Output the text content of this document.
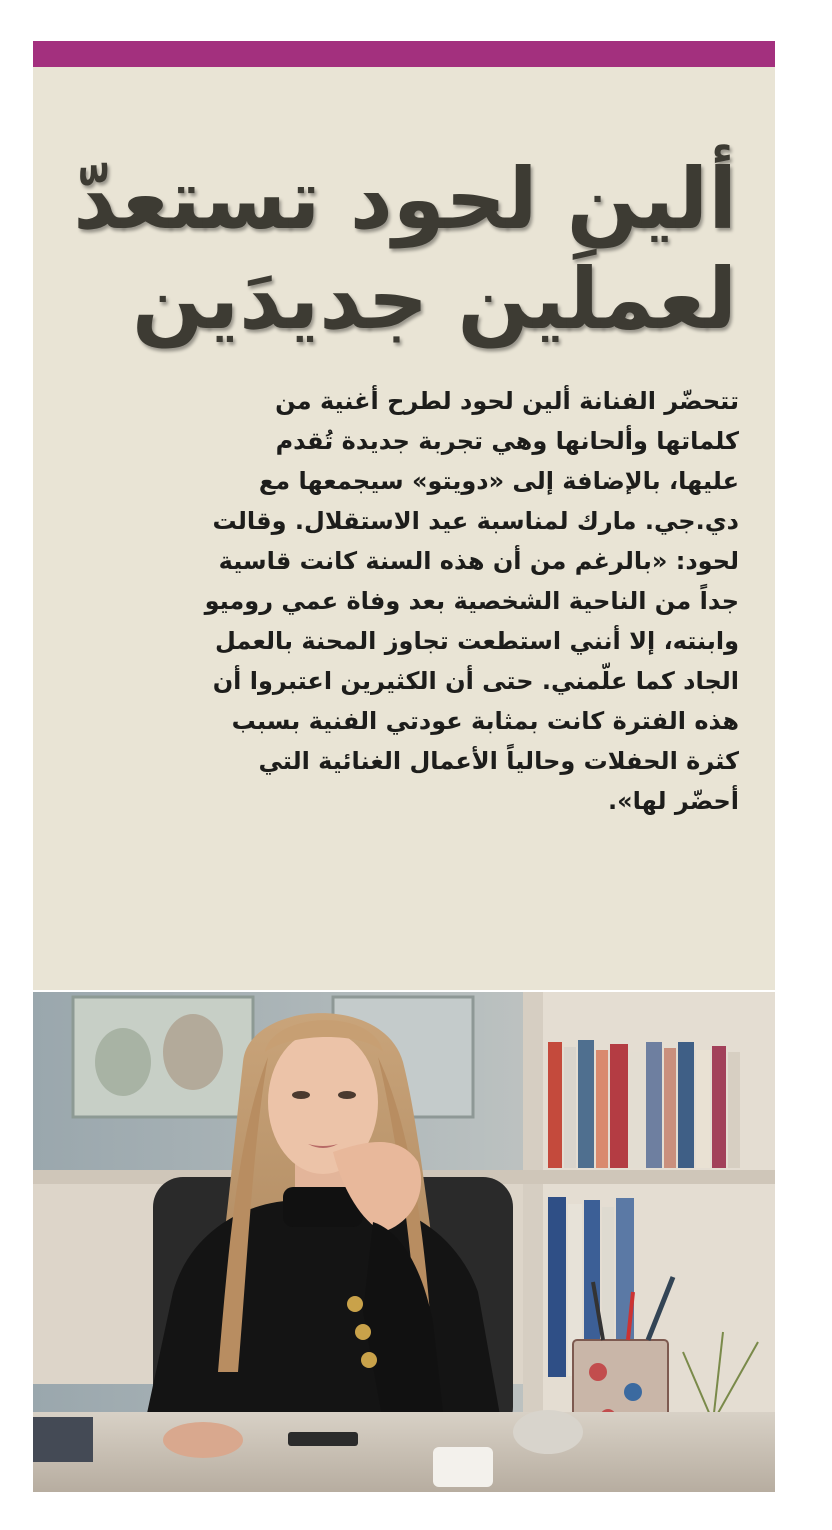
ألين لحود تستعدّ
لعملَين جديدَين
تتحضّر الفنانة ألين لحود لطرح أغنية من
كلماتها وألحانها وهي تجربة جديدة تُقدم
عليها، بالإضافة إلى «دويتو» سيجمعها مع
دي.جي. مارك لمناسبة عيد الاستقلال. وقالت
لحود: «بالرغم من أن هذه السنة كانت قاسية
جداً من الناحية الشخصية بعد وفاة عمي روميو
وابنته، إلا أنني استطعت تجاوز المحنة بالعمل
الجاد كما علّمني. حتى أن الكثيرين اعتبروا أن
هذه الفترة كانت بمثابة عودتي الفنية بسبب
كثرة الحفلات وحالياً الأعمال الغنائية التي
أحضّر لها».
